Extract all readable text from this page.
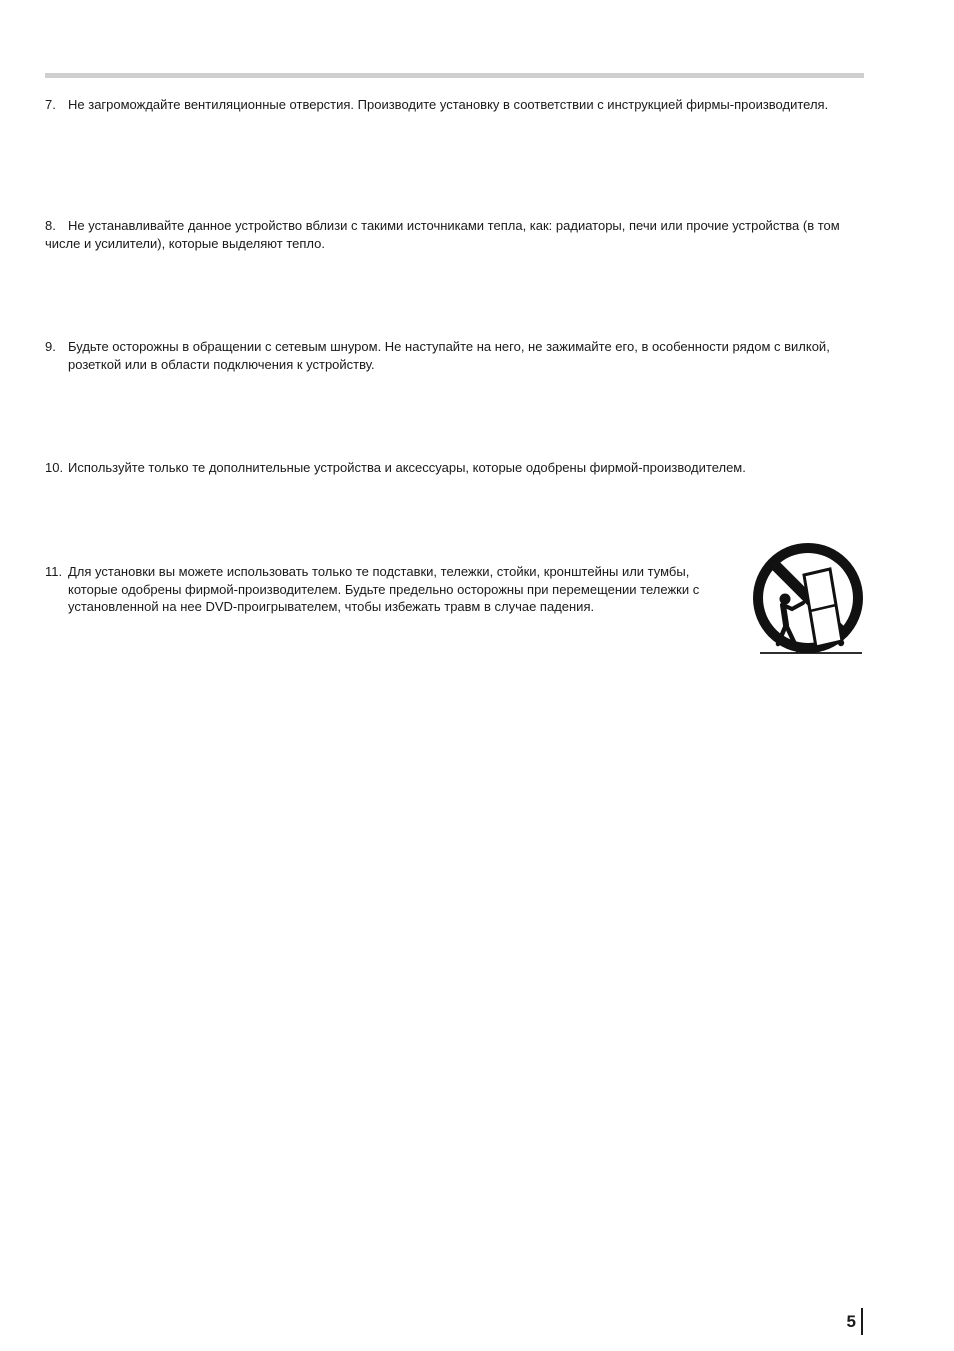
7. Не загромождайте вентиляционные отверстия. Производите установку в соответствии с инструкцией фирмы-производителя.
8. Не устанавливайте данное устройство вблизи с такими источниками тепла, как: радиаторы, печи или прочие устройства (в том числе и усилители), которые выделяют тепло.
9. Будьте осторожны в обращении с сетевым шнуром. Не наступайте на него, не зажимайте его, в особенности рядом с вилкой, розеткой или в области подключения к устройству.
10. Используйте только те дополнительные устройства и аксессуары, которые одобрены фирмой-производителем.
11. Для установки вы можете использовать только те подставки, тележки, стойки, кронштейны или тумбы, которые одобрены фирмой-производителем. Будьте предельно осторожны при перемещении тележки с установленной на нее DVD-проигрывателем, чтобы избежать травм в случае падения.
5
